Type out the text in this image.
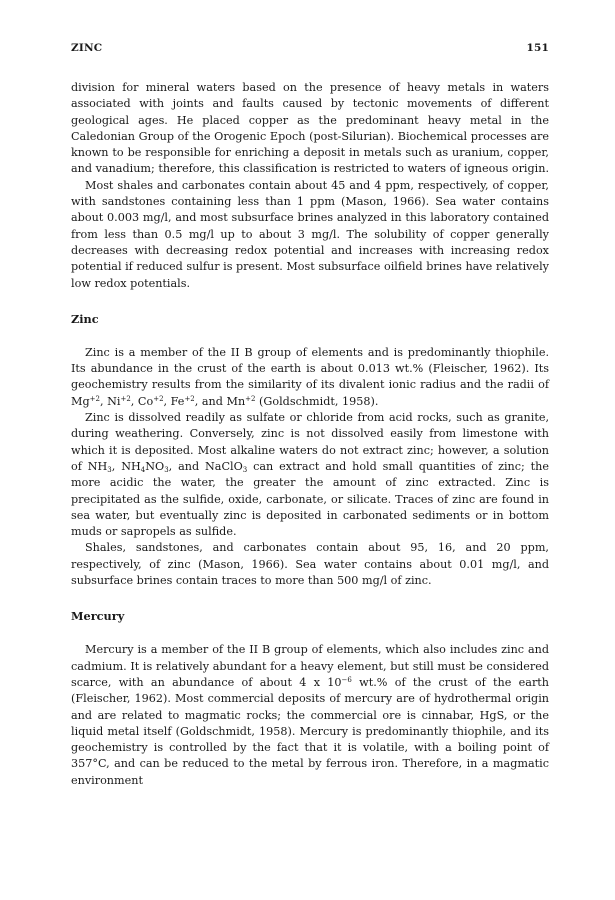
ZINC	151

division for mineral waters based on the presence of heavy metals in waters associated with joints and faults caused by tectonic movements of different geological ages. He placed copper as the predominant heavy metal in the Caledonian Group of the Orogenic Epoch (post-Silurian). Biochemical processes are known to be responsible for enriching a deposit in metals such as uranium, copper, and vanadium; therefore, this classification is restricted to waters of igneous origin.

Most shales and carbonates contain about 45 and 4 ppm, respectively, of copper, with sandstones containing less than 1 ppm (Mason, 1966). Sea water contains about 0.003 mg/l, and most subsurface brines analyzed in this laboratory contained from less than 0.5 mg/l up to about 3 mg/l. The solubility of copper generally decreases with decreasing redox potential and increases with increasing redox potential if reduced sulfur is present. Most subsurface oilfield brines have relatively low redox potentials.

Zinc

Zinc is a member of the II B group of elements and is predominantly thiophile. Its abundance in the crust of the earth is about 0.013 wt.% (Fleischer, 1962). Its geochemistry results from the similarity of its divalent ionic radius and the radii of $Mg^{+2}$, $Ni^{+2}$, $Co^{+2}$, $Fe^{+2}$, and $Mn^{+2}$ (Goldschmidt, 1958).

Zinc is dissolved readily as sulfate or chloride from acid rocks, such as granite, during weathering. Conversely, zinc is not dissolved easily from limestone with which it is deposited. Most alkaline waters do not extract zinc; however, a solution of $NH_3$, $NH_4NO_3$, and NaClO$_3$ can extract and hold small quantities of zinc; the more acidic the water, the greater the amount of zinc extracted. Zinc is precipitated as the sulfide, oxide, carbonate, or silicate. Traces of zinc are found in sea water, but eventually zinc is deposited in carbonated sediments or in bottom muds or sapropels as sulfide.

Shales, sandstones, and carbonates contain about 95, 16, and 20 ppm, respectively, of zinc (Mason, 1966). Sea water contains about 0.01 mg/l, and subsurface brines contain traces to more than 500 mg/l of zinc.

Mercury

Mercury is a member of the II B group of elements, which also includes zinc and cadmium. It is relatively abundant for a heavy element, but still must be considered scarce, with an abundance of about 4 x $10^{-6}$ wt.% of the crust of the earth (Fleischer, 1962). Most commercial deposits of mercury are of hydrothermal origin and are related to magmatic rocks; the commercial ore is cinnabar, HgS, or the liquid metal itself (Goldschmidt, 1958). Mercury is predominantly thiophile, and its geochemistry is controlled by the fact that it is volatile, with a boiling point of 357°C, and can be reduced to the metal by ferrous iron. Therefore, in a magmatic environment
